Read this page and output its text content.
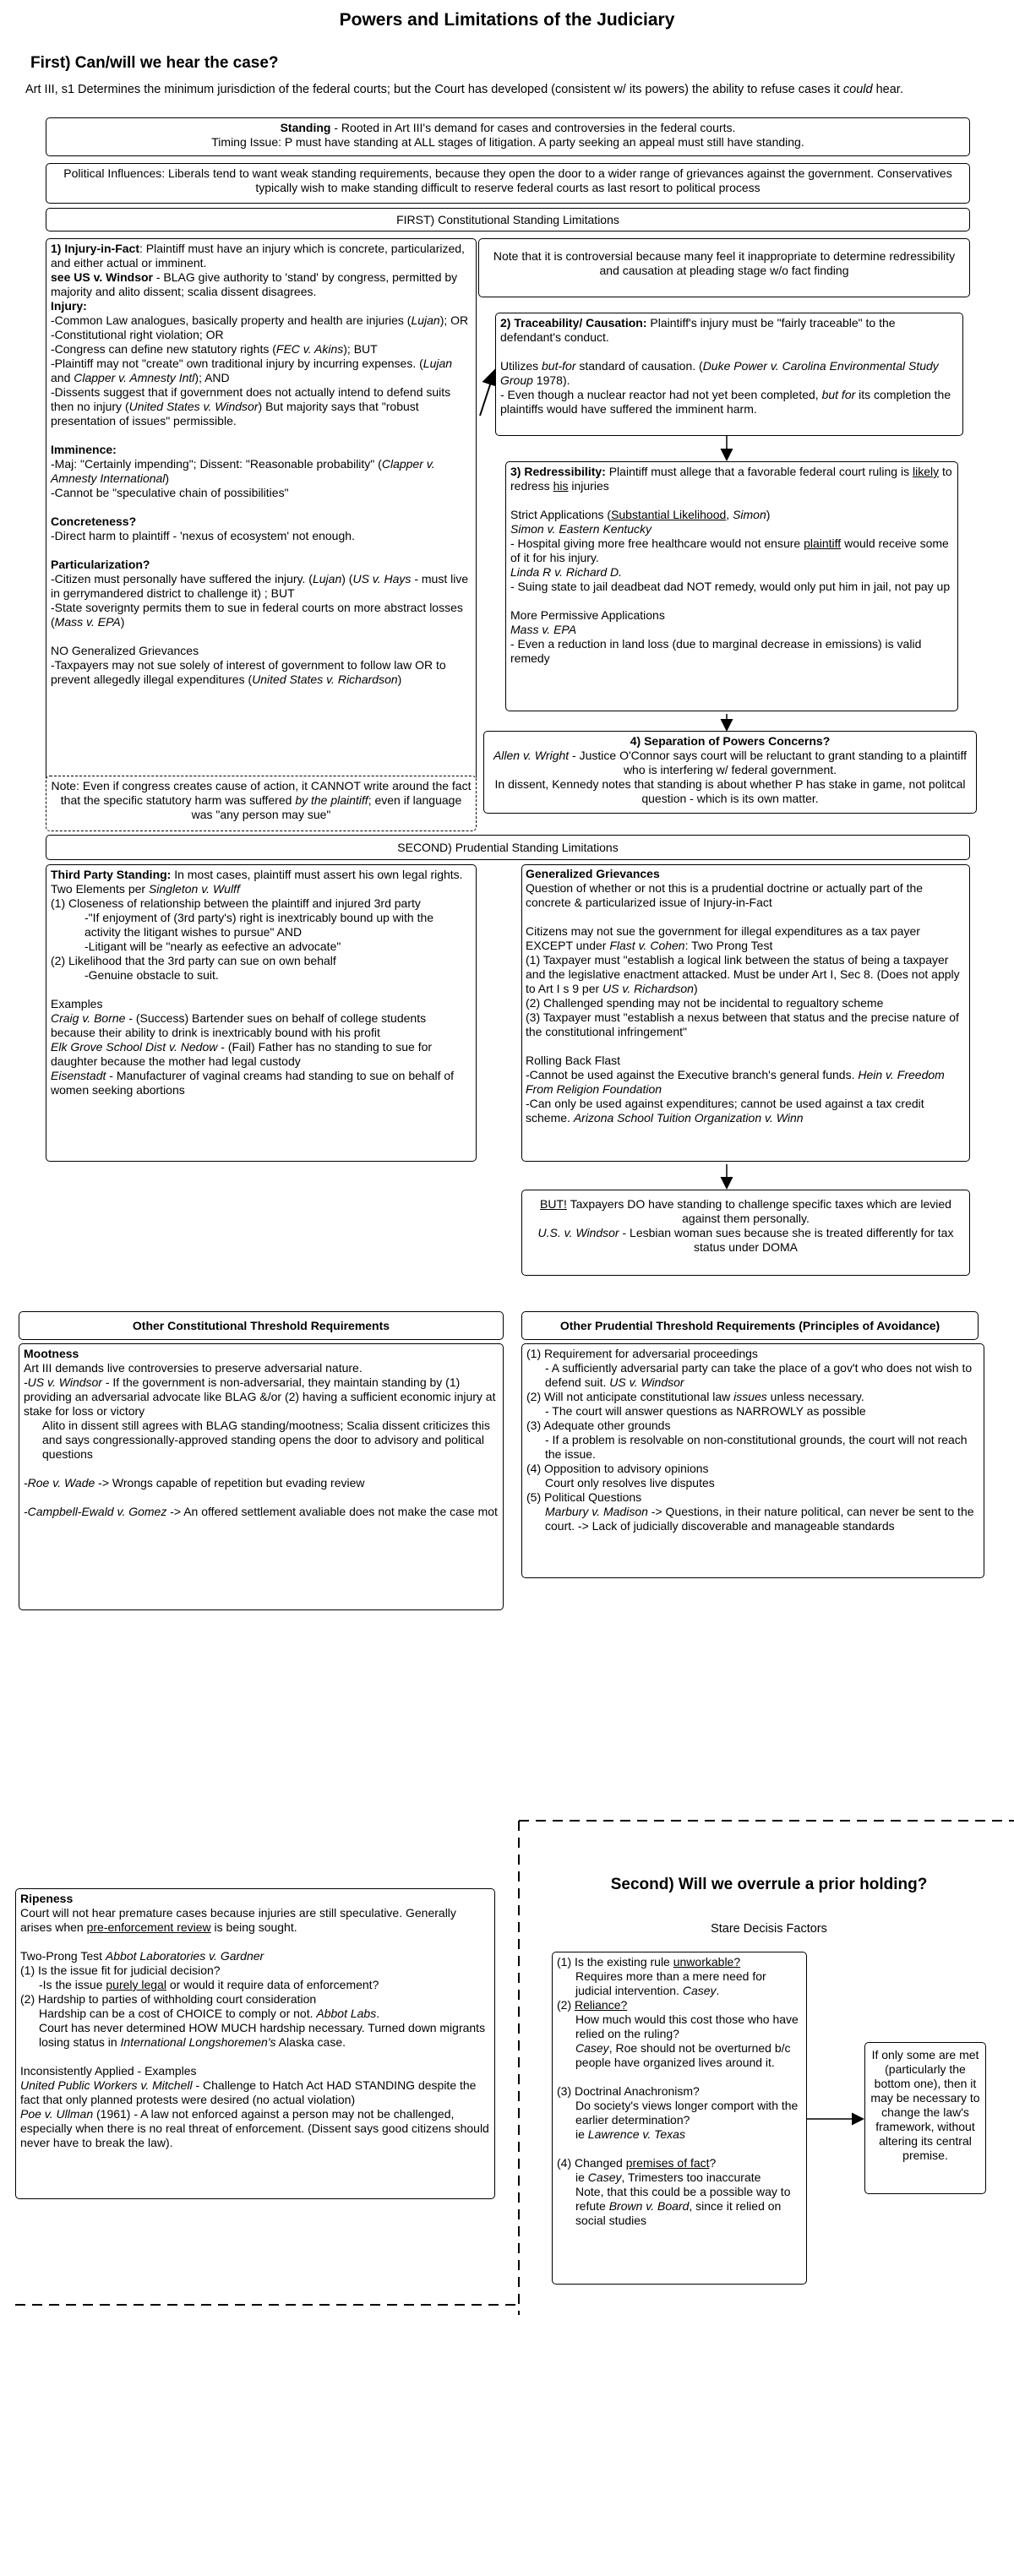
Powers and Limitations of the Judiciary
First) Can/will we hear the case?
Art III, s1 Determines the minimum jurisdiction of the federal courts; but the Court has developed (consistent w/ its powers) the ability to refuse cases it could hear.
Standing - Rooted in Art III's demand for cases and controversies in the federal courts.
Timing Issue: P must have standing at ALL stages of litigation. A party seeking an appeal must still have standing.
Political Influences: Liberals tend to want weak standing requirements, because they open the door to a wider range of grievances against the government. Conservatives typically wish to make standing difficult to reserve federal courts as last resort to political process
FIRST) Constitutional Standing Limitations
1) Injury-in-Fact: Plaintiff must have an injury which is concrete, particularized, and either actual or imminent.
see US v. Windsor - BLAG give authority to 'stand' by congress, permitted by majority and alito dissent; scalia dissent disagrees.
Injury:
-Common Law analogues, basically property and health are injuries (Lujan); OR
-Constitutional right violation; OR
-Congress can define new statutory rights (FEC v. Akins); BUT
-Plaintiff may not "create" own traditional injury by incurring expenses. (Lujan and Clapper v. Amnesty Intl); AND
-Dissents suggest that if government does not actually intend to defend suits then no injury (United States v. Windsor) But majority says that "robust presentation of issues" permissible.
Imminence:
-Maj: "Certainly impending"; Dissent: "Reasonable probability" (Clapper v. Amnesty International)
-Cannot be "speculative chain of possibilities"
Concreteness?
-Direct harm to plaintiff - 'nexus of ecosystem' not enough.
Particularization?
-Citizen must personally have suffered the injury. (Lujan) (US v. Hays - must live in gerrymandered district to challenge it) ; BUT
-State soverignty permits them to sue in federal courts on more abstract losses (Mass v. EPA)
NO Generalized Grievances
-Taxpayers may not sue solely of interest of government to follow law OR to prevent allegedly illegal expenditures (United States v. Richardson)
Note: Even if congress creates cause of action, it CANNOT write around the fact that the specific statutory harm was suffered by the plaintiff; even if language was "any person may sue"
Note that it is controversial because many feel it inappropriate to determine redressibility and causation at pleading stage w/o fact finding
2) Traceability/ Causation: Plaintiff's injury must be "fairly traceable" to the defendant's conduct.
Utilizes but-for standard of causation. (Duke Power v. Carolina Environmental Study Group 1978).
- Even though a nuclear reactor had not yet been completed, but for its completion the plaintiffs would have suffered the imminent harm.
3) Redressibility: Plaintiff must allege that a favorable federal court ruling is likely to redress his injuries
Strict Applications (Substantial Likelihood, Simon)
Simon v. Eastern Kentucky
- Hospital giving more free healthcare would not ensure plaintiff would receive some of it for his injury.
Linda R v. Richard D.
- Suing state to jail deadbeat dad NOT remedy, would only put him in jail, not pay up
More Permissive Applications
Mass v. EPA
- Even a reduction in land loss (due to marginal decrease in emissions) is valid remedy
4) Separation of Powers Concerns?
Allen v. Wright - Justice O'Connor says court will be reluctant to grant standing to a plaintiff who is interfering w/ federal government.
In dissent, Kennedy notes that standing is about whether P has stake in game, not politcal question - which is its own matter.
SECOND) Prudential Standing Limitations
Third Party Standing: In most cases, plaintiff must assert his own legal rights.
Two Elements per Singleton v. Wulff
(1) Closeness of relationship between the plaintiff and injured 3rd party
-"If enjoyment of (3rd party's) right is inextricably bound up with the activity the litigant wishes to pursue" AND
-Litigant will be "nearly as eefective an advocate"
(2) Likelihood that the 3rd party can sue on own behalf
-Genuine obstacle to suit.
Examples
Craig v. Borne - (Success) Bartender sues on behalf of college students because their ability to drink is inextricably bound with his profit
Elk Grove School Dist v. Nedow - (Fail) Father has no standing to sue for daughter because the mother had legal custody
Eisenstadt - Manufacturer of vaginal creams had standing to sue on behalf of women seeking abortions
Generalized Grievances
Question of whether or not this is a prudential doctrine or actually part of the concrete & particularized issue of Injury-in-Fact
Citizens may not sue the government for illegal expenditures as a tax payer EXCEPT under Flast v. Cohen: Two Prong Test
(1) Taxpayer must "establish a logical link between the status of being a taxpayer and the legislative enactment attacked. Must be under Art I, Sec 8. (Does not apply to Art I s 9 per US v. Richardson)
(2) Challenged spending may not be incidental to regualtory scheme
(3) Taxpayer must "establish a nexus between that status and the precise nature of the constitutional infringement"
Rolling Back Flast
-Cannot be used against the Executive branch's general funds. Hein v. Freedom From Religion Foundation
-Can only be used against expenditures; cannot be used against a tax credit scheme. Arizona School Tuition Organization v. Winn
BUT! Taxpayers DO have standing to challenge specific taxes which are levied against them personally.
U.S. v. Windsor - Lesbian woman sues because she is treated differently for tax status under DOMA
Other Constitutional Threshold Requirements
Mootness
Art III demands live controversies to preserve adversarial nature.
-US v. Windsor - If the government is non-adversarial, they maintain standing by (1) providing an adversarial advocate like BLAG &/or (2) having a sufficient economic injury at stake for loss or victory
Alito in dissent still agrees with BLAG standing/mootness; Scalia dissent criticizes this and says congressionally-approved standing opens the door to advisory and political questions
-Roe v. Wade -> Wrongs capable of repetition but evading review
-Campbell-Ewald v. Gomez -> An offered settlement avaliable does not make the case mot
Other Prudential Threshold Requirements (Principles of Avoidance)
(1) Requirement for adversarial proceedings
- A sufficiently adversarial party can take the place of a gov't who does not wish to defend suit. US v. Windsor
(2) Will not anticipate constitutional law issues unless necessary.
- The court will answer questions as NARROWLY as possible
(3) Adequate other grounds
- If a problem is resolvable on non-constitutional grounds, the court will not reach the issue.
(4) Opposition to advisory opinions
Court only resolves live disputes
(5) Political Questions
Marbury v. Madison -> Questions, in their nature political, can never be sent to the court. -> Lack of judicially discoverable and manageable standards
Ripeness
Court will not hear premature cases because injuries are still speculative. Generally arises when pre-enforcement review is being sought.
Two-Prong Test Abbot Laboratories v. Gardner
(1) Is the issue fit for judicial decision?
-Is the issue purely legal or would it require data of enforcement?
(2) Hardship to parties of withholding court consideration
Hardship can be a cost of CHOICE to comply or not. Abbot Labs.
Court has never determined HOW MUCH hardship necessary. Turned down migrants losing status in International Longshoremen's Alaska case.
Inconsistently Applied - Examples
United Public Workers v. Mitchell - Challenge to Hatch Act HAD STANDING despite the fact that only planned protests were desired (no actual violation)
Poe v. Ullman (1961) - A law not enforced against a person may not be challenged, especially when there is no real threat of enforcement. (Dissent says good citizens should never have to break the law).
Second) Will we overrule a prior holding?
Stare Decisis Factors
(1) Is the existing rule unworkable?
Requires more than a mere need for judicial intervention. Casey.
(2) Reliance?
How much would this cost those who have relied on the ruling?
Casey, Roe should not be overturned b/c people have organized lives around it.
(3) Doctrinal Anachronism?
Do society's views longer comport with the earlier determination?
ie Lawrence v. Texas
(4) Changed premises of fact?
ie Casey, Trimesters too inaccurate
Note, that this could be a possible way to refute Brown v. Board, since it relied on social studies
If only some are met (particularly the bottom one), then it may be necessary to change the law's framework, without altering its central premise.
